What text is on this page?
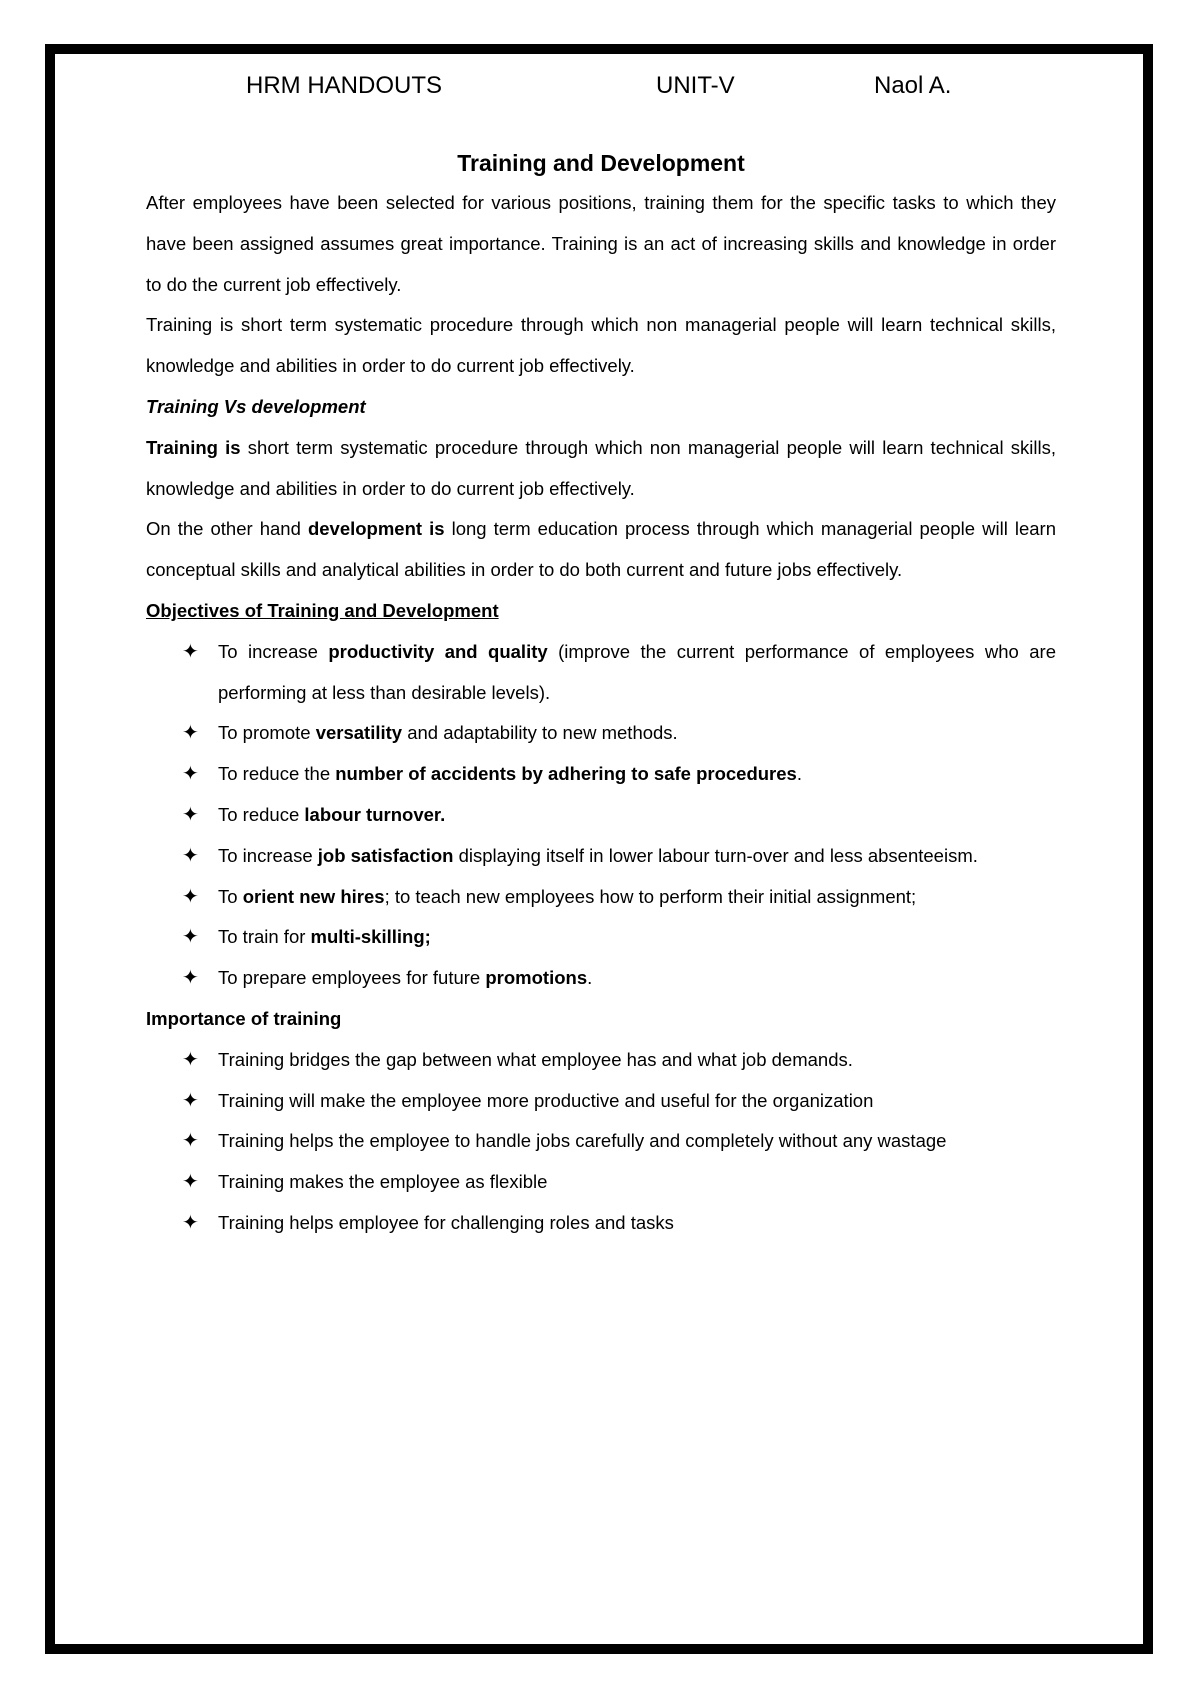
HRM HANDOUTS	UNIT-V	Naol A.
Training and Development

After employees have been selected for various positions, training them for the specific tasks to which they have been assigned assumes great importance. Training is an act of increasing skills and knowledge in order to do the current job effectively.

Training is short term systematic procedure through which non managerial people will learn technical skills, knowledge and abilities in order to do current job effectively.

Training Vs development

Training is short term systematic procedure through which non managerial people will learn technical skills, knowledge and abilities in order to do current job effectively.

On the other hand development is long term education process through which managerial people will learn conceptual skills and analytical abilities in order to do both current and future jobs effectively.

Objectives of Training and Development

✦ To increase productivity and quality (improve the current performance of employees who are performing at less than desirable levels).
✦ To promote versatility and adaptability to new methods.
✦ To reduce the number of accidents by adhering to safe procedures.
✦ To reduce labour turnover.
✦ To increase job satisfaction displaying itself in lower labour turn-over and less absenteeism.
✦ To orient new hires; to teach new employees how to perform their initial assignment;
✦ To train for multi-skilling;
✦ To prepare employees for future promotions.

Importance of training

✦ Training bridges the gap between what employee has and what job demands.
✦ Training will make the employee more productive and useful for the organization
✦ Training helps the employee to handle jobs carefully and completely without any wastage
✦ Training makes the employee as flexible
✦ Training helps employee for challenging roles and tasks
